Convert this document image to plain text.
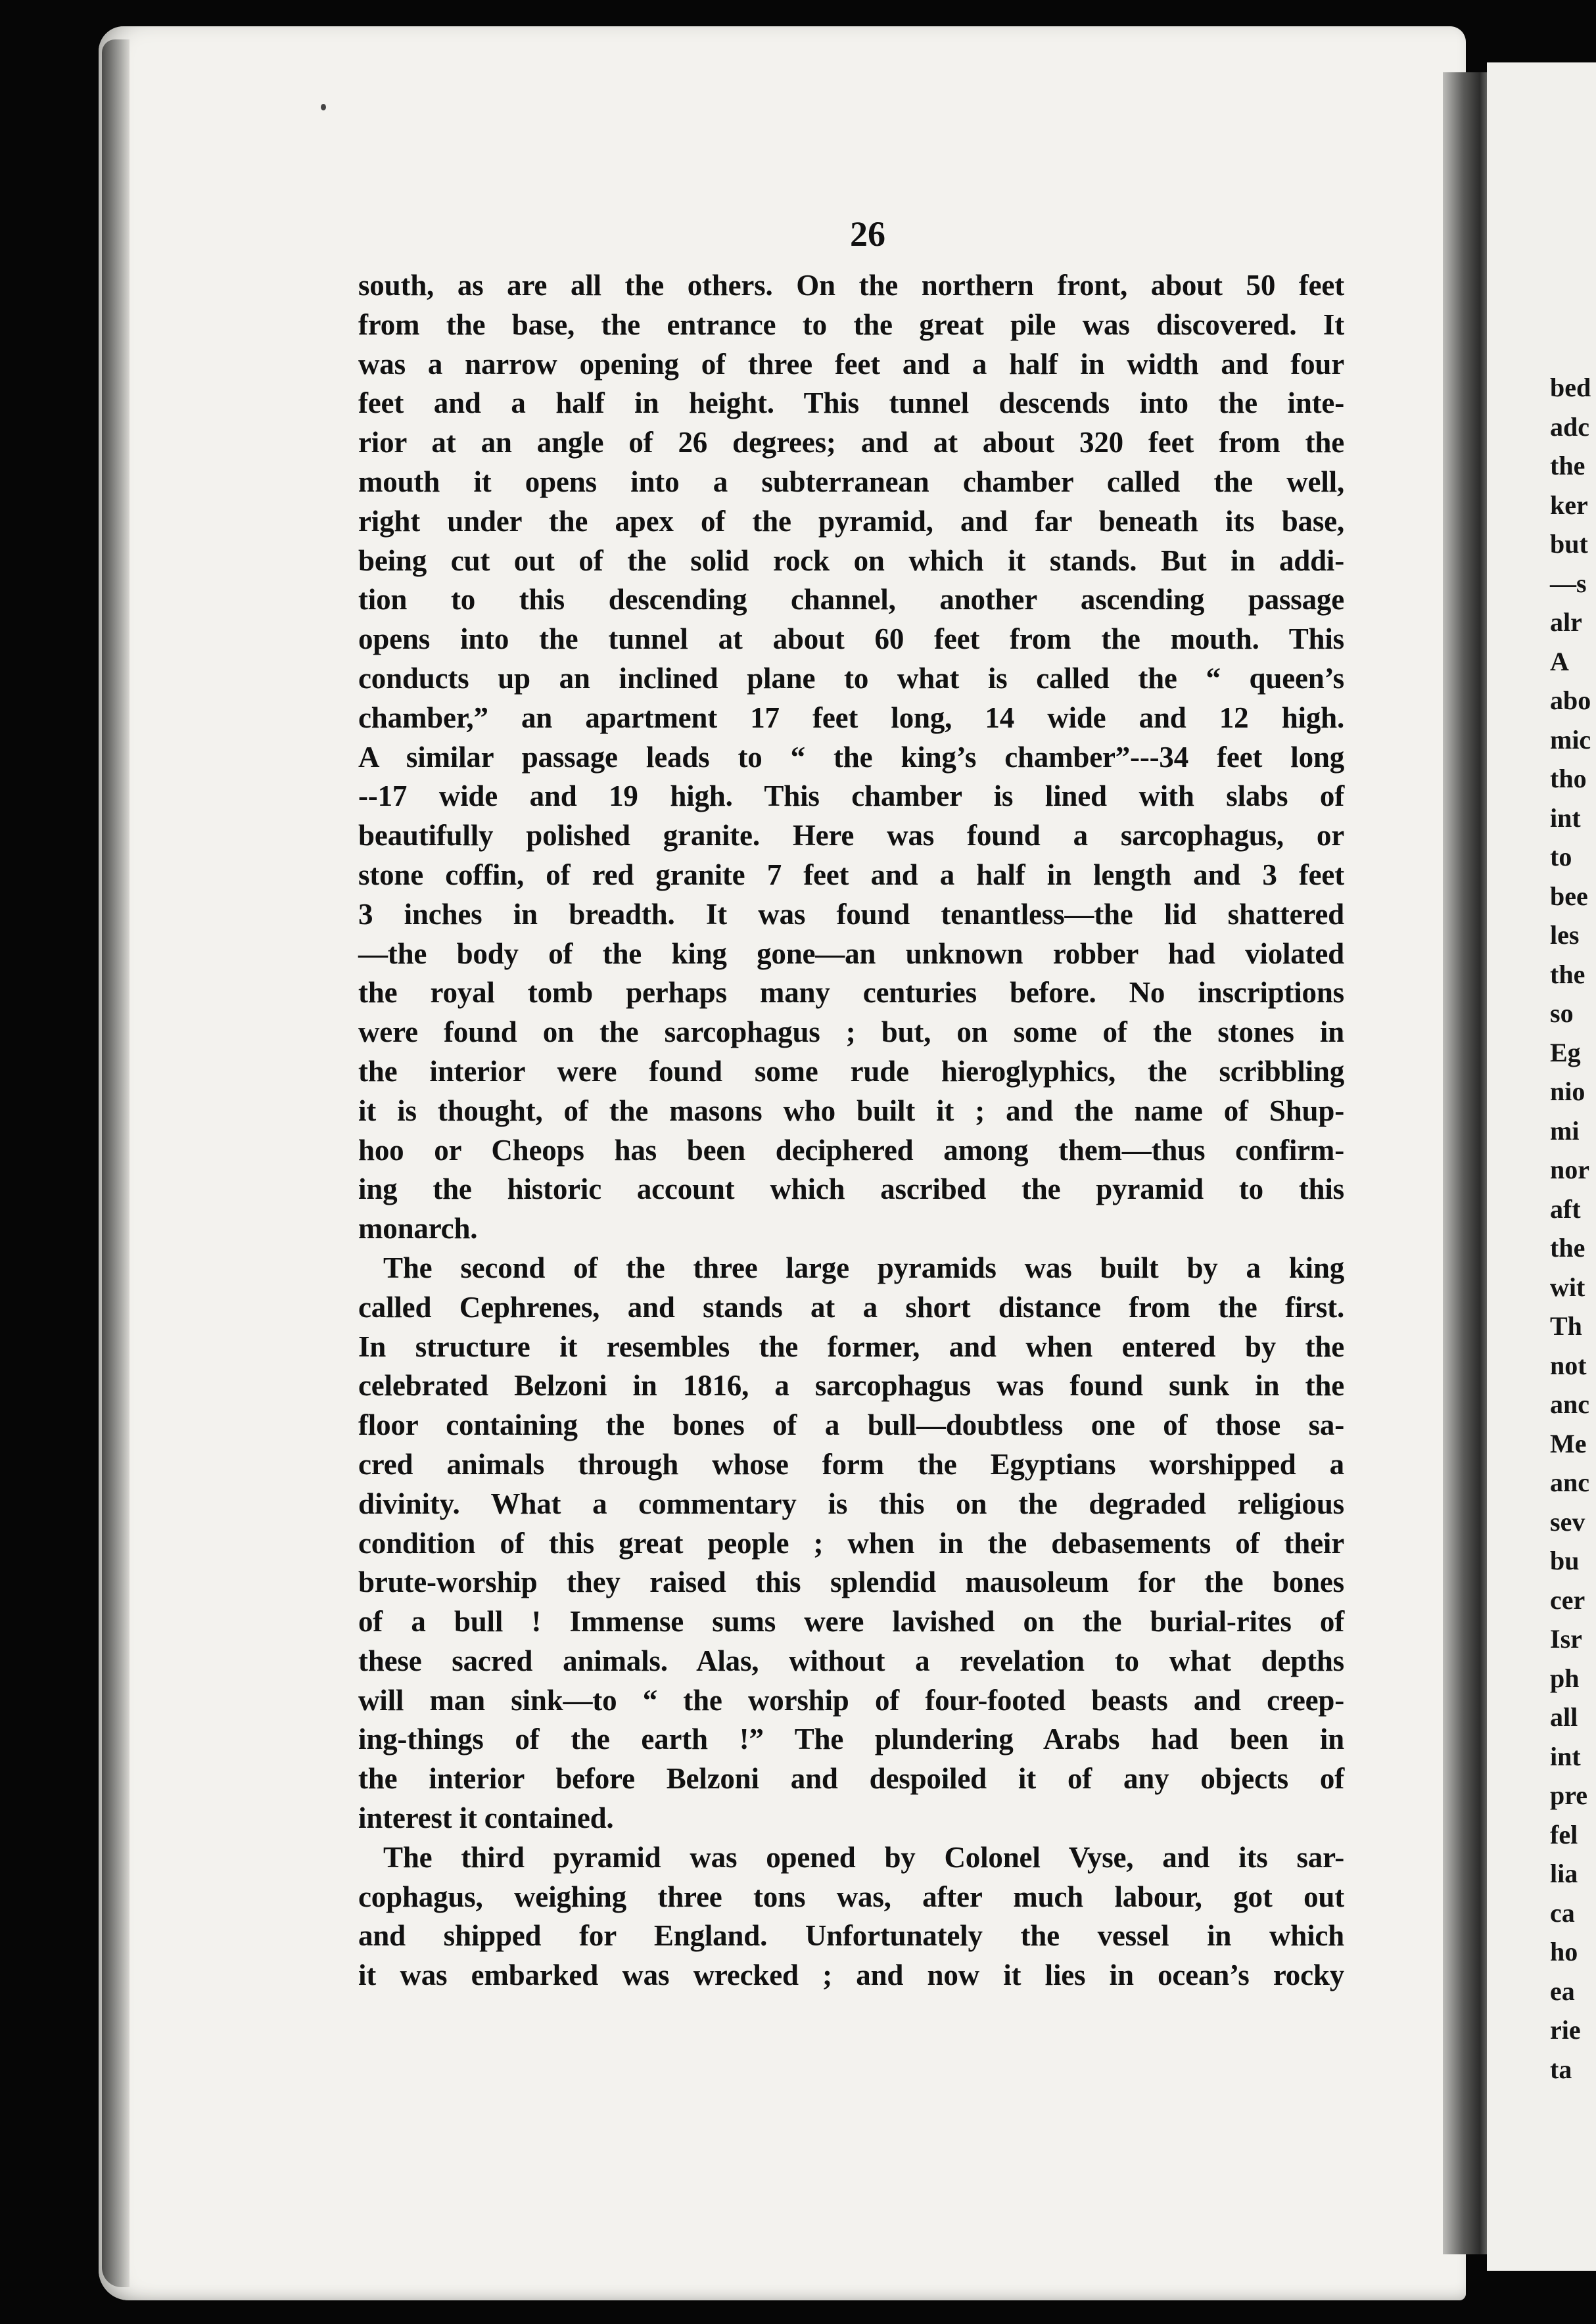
bed
adc
the
ker
but
—s
alr
A
abo
mic
tho
int
to
bee
les
the
so
Eg
nio
mi
nor
aft
the
wit
Th
not
anc
Me
anc
sev
bu
cer
Isr
ph
all
int
pre
fel
lia
ca
ho
ea
rie
ta
26
south, as are all the others. On the northern front, about 50 feet
from the base, the entrance to the great pile was discovered. It
was a narrow opening of three feet and a half in width and four
feet and a half in height. This tunnel descends into the inte-
rior at an angle of 26 degrees; and at about 320 feet from the
mouth it opens into a subterranean chamber called the well,
right under the apex of the pyramid, and far beneath its base,
being cut out of the solid rock on which it stands. But in addi-
tion to this descending channel, another ascending passage
opens into the tunnel at about 60 feet from the mouth. This
conducts up an inclined plane to what is called the “ queen’s
chamber,” an apartment 17 feet long, 14 wide and 12 high.
A similar passage leads to “ the king’s chamber”---34 feet long
--17 wide and 19 high. This chamber is lined with slabs of
beautifully polished granite. Here was found a sarcophagus, or
stone coffin, of red granite 7 feet and a half in length and 3 feet
3 inches in breadth. It was found tenantless—the lid shattered
—the body of the king gone—an unknown robber had violated
the royal tomb perhaps many centuries before. No inscriptions
were found on the sarcophagus ; but, on some of the stones in
the interior were found some rude hieroglyphics, the scribbling
it is thought, of the masons who built it ; and the name of Shup-
hoo or Cheops has been deciphered among them—thus confirm-
ing the historic account which ascribed the pyramid to this
monarch.
The second of the three large pyramids was built by a king
called Cephrenes, and stands at a short distance from the first.
In structure it resembles the former, and when entered by the
celebrated Belzoni in 1816, a sarcophagus was found sunk in the
floor containing the bones of a bull—doubtless one of those sa-
cred animals through whose form the Egyptians worshipped a
divinity. What a commentary is this on the degraded religious
condition of this great people ; when in the debasements of their
brute-worship they raised this splendid mausoleum for the bones
of a bull ! Immense sums were lavished on the burial-rites of
these sacred animals. Alas, without a revelation to what depths
will man sink—to “ the worship of four-footed beasts and creep-
ing-things of the earth !” The plundering Arabs had been in
the interior before Belzoni and despoiled it of any objects of
interest it contained.
The third pyramid was opened by Colonel Vyse, and its sar-
cophagus, weighing three tons was, after much labour, got out
and shipped for England. Unfortunately the vessel in which
it was embarked was wrecked ; and now it lies in ocean’s rocky
